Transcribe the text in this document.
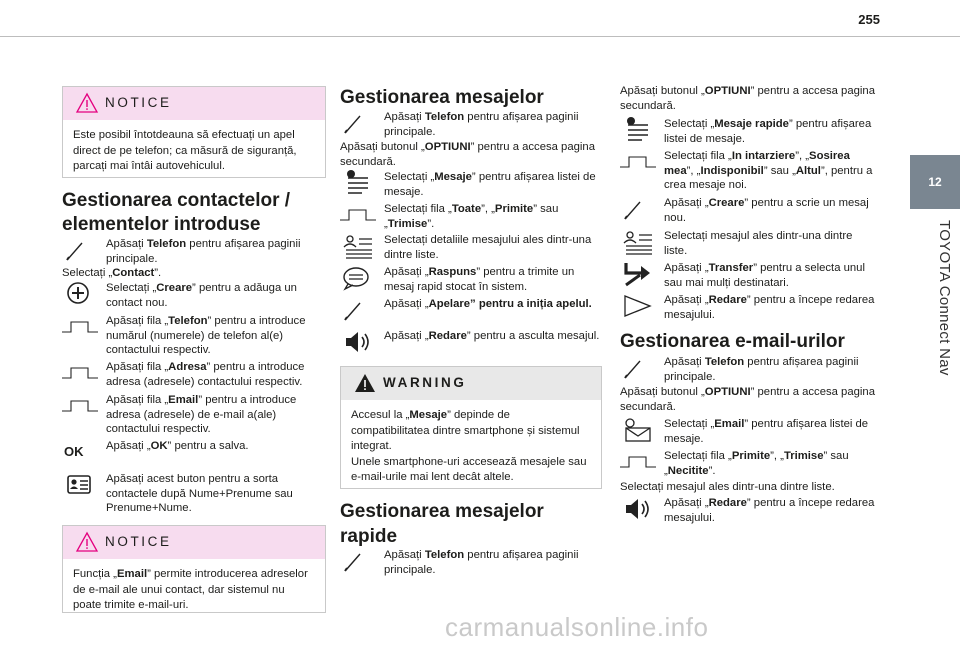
255
12
TOYOTA Connect Nav
NOTICE
Este posibil întotdeauna să efectuați un apel direct de pe telefon; ca măsură de siguranță, parcați mai întâi autovehiculul.
Gestionarea contactelor / elementelor introduse
Apăsați Telefon pentru afișarea paginii principale.
Selectați „Contact”.
Selectați „Creare” pentru a adăuga un contact nou.
Apăsați fila „Telefon” pentru a introduce numărul (numerele) de telefon al(e) contactului respectiv.
Apăsați fila „Adresa” pentru a introduce adresa (adresele) contactului respectiv.
Apăsați fila „Email” pentru a introduce adresa (adresele) de e-mail a(ale) contactului respectiv.
OK	Apăsați „OK” pentru a salva.
Apăsați acest buton pentru a sorta contactele după Nume+Prenume sau Prenume+Nume.
NOTICE
Funcția „Email” permite introducerea adreselor de e-mail ale unui contact, dar sistemul nu poate trimite e-mail-uri.
Gestionarea mesajelor
Apăsați Telefon pentru afișarea paginii principale.
Apăsați butonul „OPTIUNI” pentru a accesa pagina secundară.
Selectați „Mesaje” pentru afișarea listei de mesaje.
Selectați fila „Toate”, „Primite” sau „Trimise”.
Selectați detaliile mesajului ales dintr-una dintre liste.
Apăsați „Raspuns” pentru a trimite un mesaj rapid stocat în sistem.
Apăsați „Apelare” pentru a iniția apelul.
Apăsați „Redare” pentru a asculta mesajul.
WARNING
Accesul la „Mesaje” depinde de compatibilitatea dintre smartphone și sistemul integrat.
Unele smartphone-uri accesează mesajele sau e-mail-urile mai lent decât altele.
Gestionarea mesajelor rapide
Apăsați Telefon pentru afișarea paginii principale.
Apăsați butonul „OPTIUNI” pentru a accesa pagina secundară.
Selectați „Mesaje rapide” pentru afișarea listei de mesaje.
Selectați fila „In intarziere”, „Sosirea mea”, „Indisponibil” sau „Altul”, pentru a crea mesaje noi.
Apăsați „Creare” pentru a scrie un mesaj nou.
Selectați mesajul ales dintr-una dintre liste.
Apăsați „Transfer” pentru a selecta unul sau mai mulți destinatari.
Apăsați „Redare” pentru a începe redarea mesajului.
Gestionarea e-mail-urilor
Apăsați Telefon pentru afișarea paginii principale.
Apăsați butonul „OPTIUNI” pentru a accesa pagina secundară.
Selectați „Email” pentru afișarea listei de mesaje.
Selectați fila „Primite”, „Trimise” sau „Necitite”.
Selectați mesajul ales dintr-una dintre liste.
Apăsați „Redare” pentru a începe redarea mesajului.
carmanualsonline.info
